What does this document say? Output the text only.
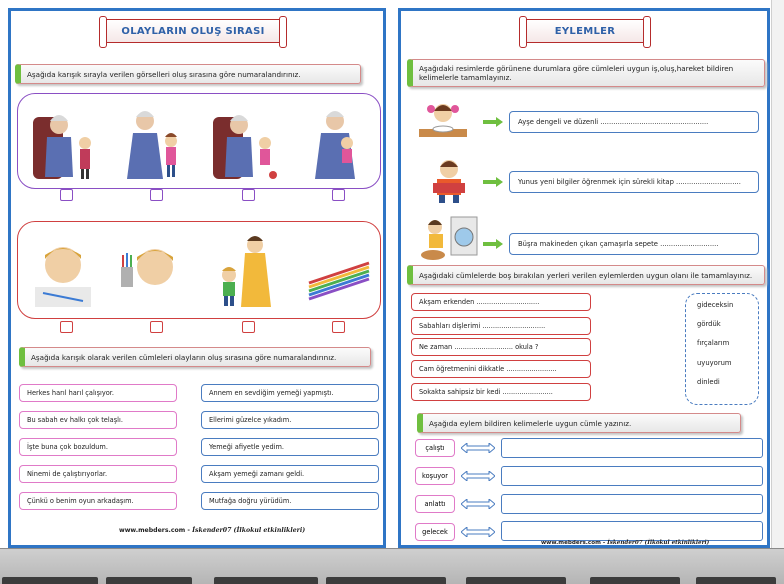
OLAYLARIN OLUŞ SIRASI
Aşağıda karışık sırayla verilen görselleri oluş sırasına göre numaralandırınız.
Aşağıda karışık olarak verilen cümleleri olayların oluş sırasına göre numaralandırınız.
Herkes harıl harıl çalışıyor.
Bu sabah ev halkı çok telaşlı.
İşte buna çok bozuldum.
Ninemi de çalıştırıyorlar.
Çünkü o benim oyun arkadaşım.
Annem en sevdiğim yemeği yapmıştı.
Ellerimi güzelce yıkadım.
Yemeği afiyetle yedim.
Akşam yemeği zamanı geldi.
Mutfağa doğru yürüdüm.
www.mebders.com - İskender07 (İlkokul etkinlikleri)
EYLEMLER
Aşağıdaki resimlerde görünene durumlara göre cümleleri uygun iş,oluş,hareket bildiren kelimelerle tamamlayınız.
Ayşe dengeli ve düzenli ..................................................
Yunus yeni bilgiler öğrenmek için sürekli kitap ..............................
Büşra makineden çıkan çamaşırla sepete ...........................
Aşağıdaki cümlelerde boş bırakılan yerleri verilen eylemlerden uygun olanı ile tamamlayınız.
Akşam erkenden ..............................
Sabahları dişlerimi ..............................
Ne zaman ............................ okula ?
Cam öğretmenini dikkatle ........................
Sokakta sahipsiz bir kedi ........................
gideceksin
gördük
fırçalarım
uyuyorum
dinledi
Aşağıda eylem bildiren kelimelerle uygun cümle yazınız.
çalıştı
koşuyor
anlattı
gelecek
www.mebders.com - İskender07 (İlkokul etkinlikleri)
